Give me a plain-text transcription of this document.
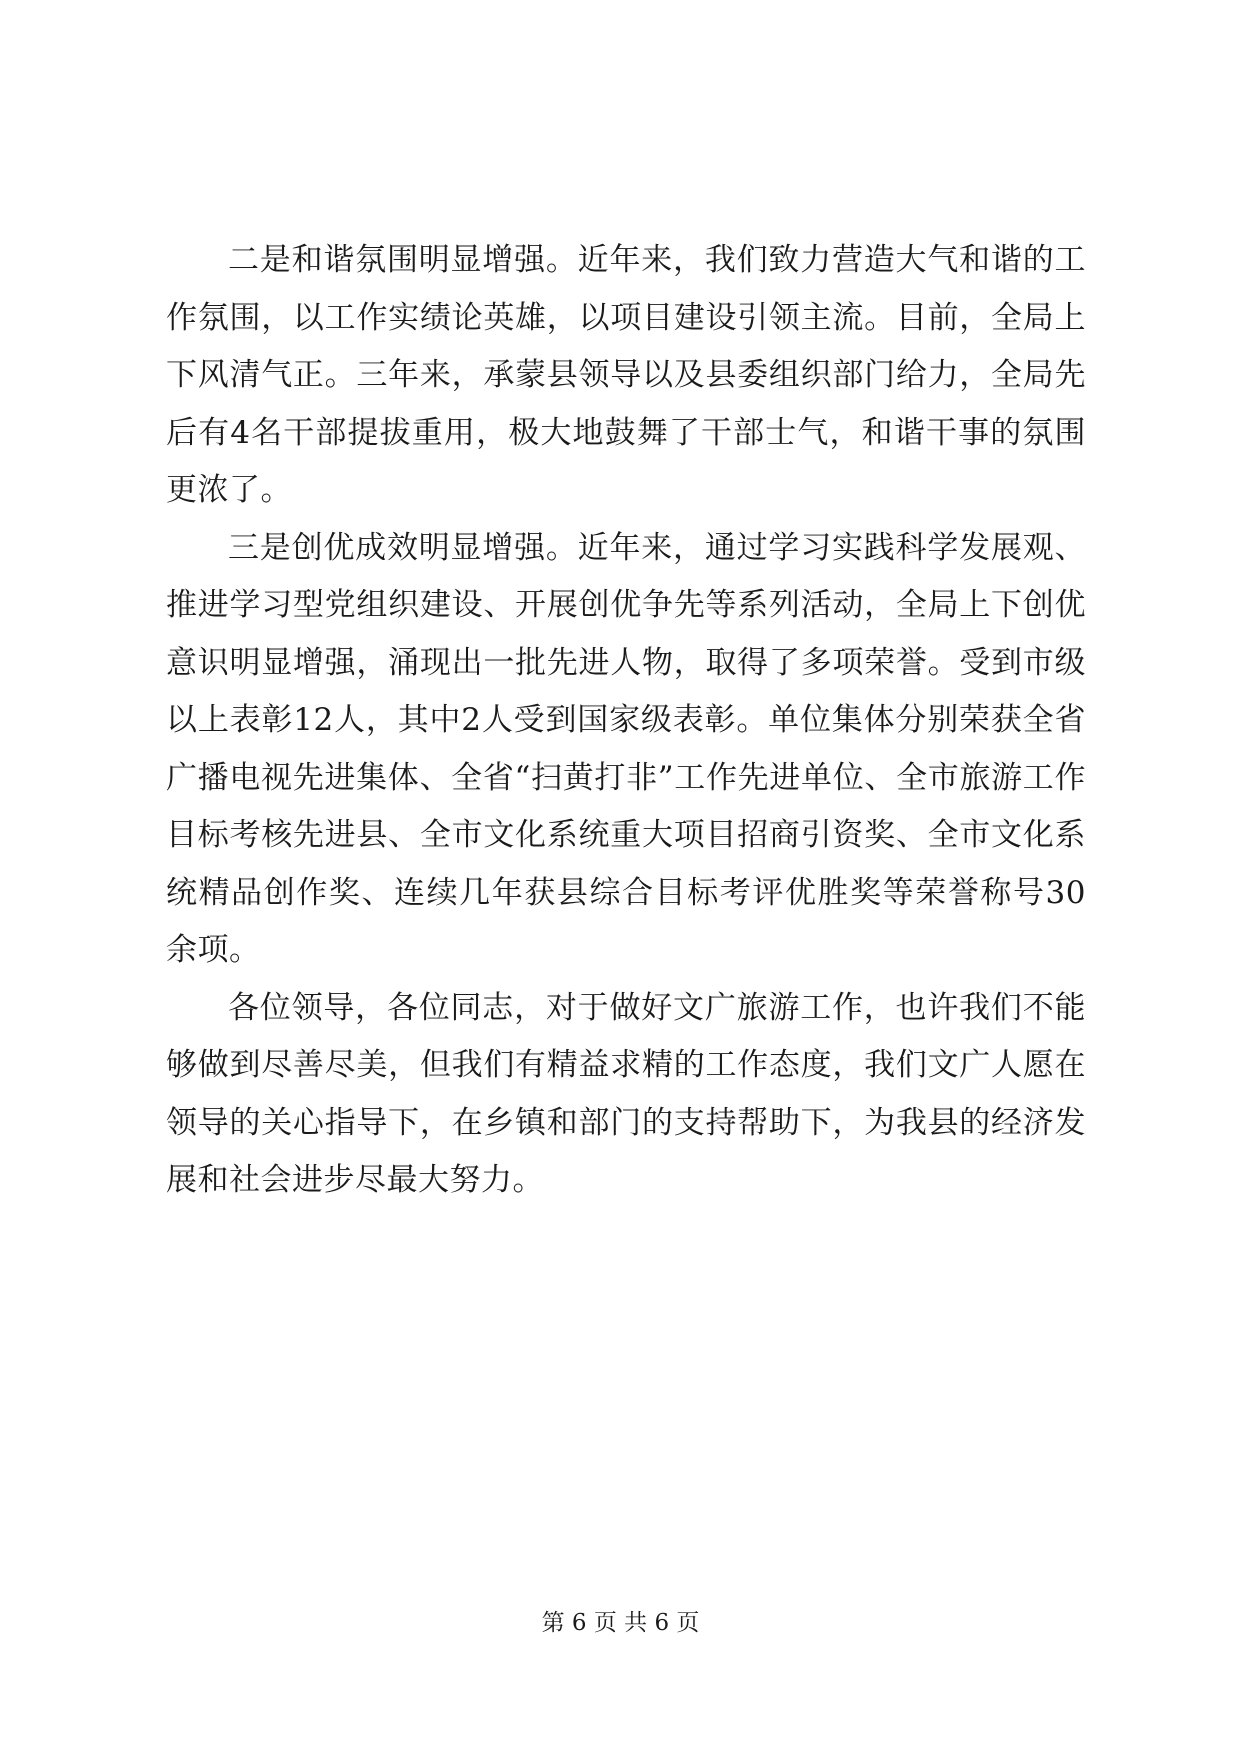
二是和谐氛围明显增强。近年来，我们致力营造大气和谐的工作氛围，以工作实绩论英雄，以项目建设引领主流。目前，全局上下风清气正。三年来，承蒙县领导以及县委组织部门给力，全局先后有4名干部提拔重用，极大地鼓舞了干部士气，和谐干事的氛围更浓了。

三是创优成效明显增强。近年来，通过学习实践科学发展观、推进学习型党组织建设、开展创优争先等系列活动，全局上下创优意识明显增强，涌现出一批先进人物，取得了多项荣誉。受到市级以上表彰12人，其中2人受到国家级表彰。单位集体分别荣获全省广播电视先进集体、全省“扫黄打非”工作先进单位、全市旅游工作目标考核先进县、全市文化系统重大项目招商引资奖、全市文化系统精品创作奖、连续几年获县综合目标考评优胜奖等荣誉称号30余项。

各位领导，各位同志，对于做好文广旅游工作，也许我们不能够做到尽善尽美，但我们有精益求精的工作态度，我们文广人愿在领导的关心指导下，在乡镇和部门的支持帮助下，为我县的经济发展和社会进步尽最大努力。

第 6 页 共 6 页
